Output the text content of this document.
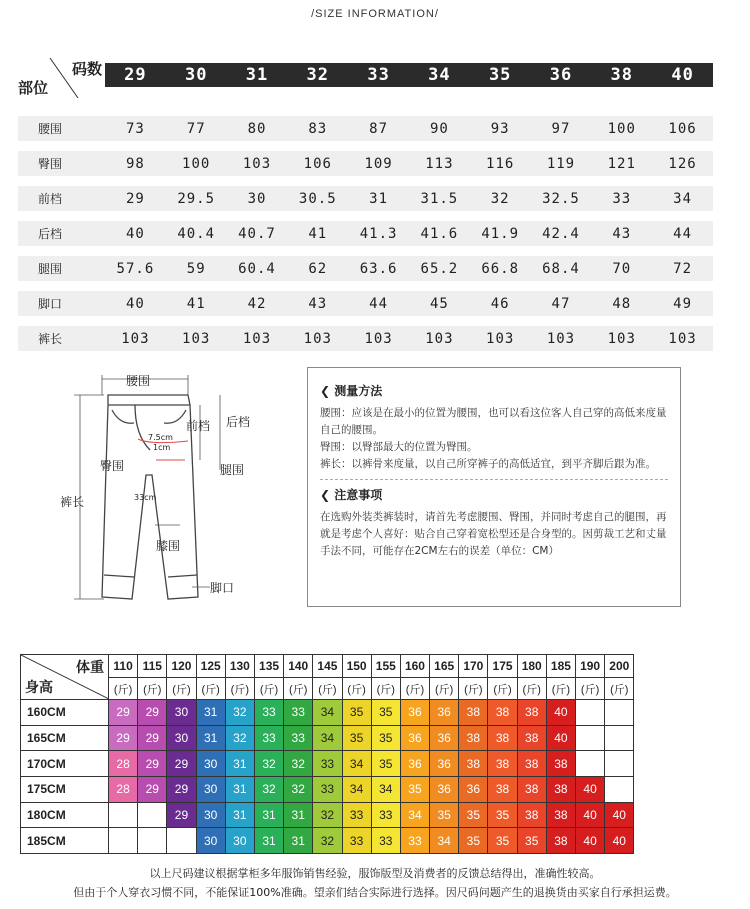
/SIZE INFORMATION/
码数
部位
29	30	31	32	33	34	35	36	38	40
腰围	73	77	80	83	87	90	93	97	100	106
臀围	98	100	103	106	109	113	116	119	121	126
前档	29	29.5	30	30.5	31	31.5	32	32.5	33	34
后档	40	40.4	40.7	41	41.3	41.6	41.9	42.4	43	44
腿围	57.6	59	60.4	62	63.6	65.2	66.8	68.4	70	72
脚口	40	41	42	43	44	45	46	47	48	49
裤长	103	103	103	103	103	103	103	103	103	103
腰围
前档 后档
臀围	腿围
裤长
膝围
脚口
7.5cm
1cm
33cm
❮ 测量方法

腰围：应该是在最小的位置为腰围，也可以看这位客人自己穿的高低来度量自己的腰围。

臀围：以臀部最大的位置为臀围。

裤长：以裤骨来度量，以自己所穿裤子的高低适宜，到平齐脚后跟为准。

❮ 注意事项

在选购外装类裤装时，请首先考虑腰围、臀围，并同时考虑自己的腿围，再就是考虑个人喜好：贴合自己穿着宽松型还是合身型的。因剪裁工艺和丈量手法不同，可能存在2CM左右的误差（单位：CM）

体重
身高	110	115	120	125	130	135	140	145	150	155	160	165	170	175	180	185	190	200
	(斤)	(斤)	(斤)	(斤)	(斤)	(斤)	(斤)	(斤)	(斤)	(斤)	(斤)	(斤)	(斤)	(斤)	(斤)	(斤)	(斤)	(斤)
160CM	29	29	30	31	32	33	33	34	35	35	36	36	38	38	38	40		
165CM	29	29	30	31	32	33	33	34	35	35	36	36	38	38	38	40		
170CM	28	29	29	30	31	32	32	33	34	35	36	36	38	38	38	38		
175CM	28	29	29	30	31	32	32	33	34	34	35	36	36	38	38	38	40	
180CM			29	30	31	31	31	32	33	33	34	35	35	35	38	38	40	40
185CM				30	30	31	31	32	33	33	33	34	35	35	35	38	40	40
以上尺码建议根据掌柜多年服饰销售经验，服饰版型及消费者的反馈总结得出，准确性较高。
但由于个人穿衣习惯不同，不能保证100%准确。望亲们结合实际进行选择。因尺码问题产生的退换货由买家自行承担运费。
